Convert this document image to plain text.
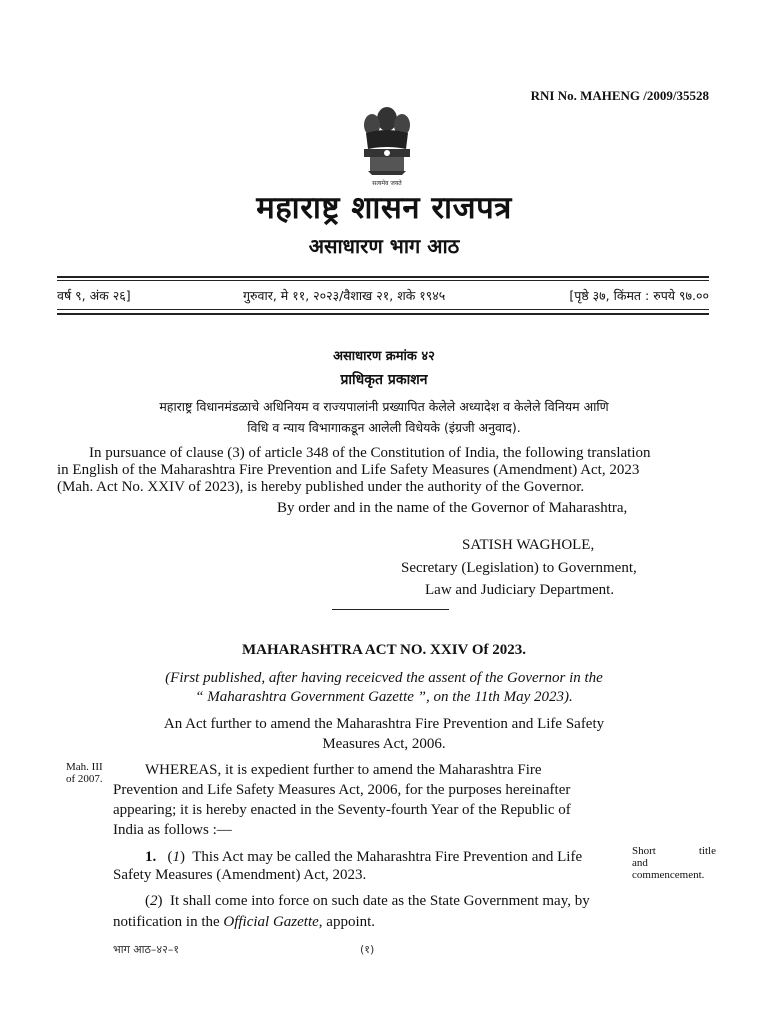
RNI No. MAHENG /2009/35528
सत्यमेव जयते
महाराष्ट्र शासन राजपत्र
असाधारण भाग आठ
वर्ष ९, अंक २६]	गुरुवार, मे ११, २०२३/वैशाख २१, शके १९४५	[पृष्ठे ३७, किंमत : रुपये ९७.००
असाधारण क्रमांक ४२
प्राधिकृत प्रकाशन
महाराष्ट्र विधानमंडळाचे अधिनियम व राज्यपालांनी प्रख्यापित केलेले अध्यादेश व केलेले विनियम आणि
विधि व न्याय विभागाकडून आलेली विधेयके (इंग्रजी अनुवाद).
In pursuance of clause (3) of article 348 of the Constitution of India, the following translation
in English of the Maharashtra Fire Prevention and Life Safety Measures (Amendment) Act, 2023
(Mah. Act No. XXIV of 2023), is hereby published under the authority of the Governor.
By order and in the name of the Governor of Maharashtra,
SATISH WAGHOLE,
Secretary (Legislation) to Government,
Law and Judiciary Department.
MAHARASHTRA ACT NO. XXIV Of 2023.
(First published, after having receicved the assent of the Governor in the
“ Maharashtra Government Gazette ”, on the 11th May 2023).
An Act further to amend the Maharashtra Fire Prevention and Life Safety
Measures Act, 2006.
Mah. III
of 2007.
WHEREAS, it is expedient further to amend the Maharashtra Fire
Prevention and Life Safety Measures Act, 2006, for the purposes hereinafter
appearing; it is hereby enacted in the Seventy-fourth Year of the Republic of
India as follows :—
1. (1) This Act may be called the Maharashtra Fire Prevention and Life
Safety Measures (Amendment) Act, 2023.
(2) It shall come into force on such date as the State Government may, by
notification in the Official Gazette, appoint.
Short	title
and
commencement.
भाग आठ–४२–१	(१)
